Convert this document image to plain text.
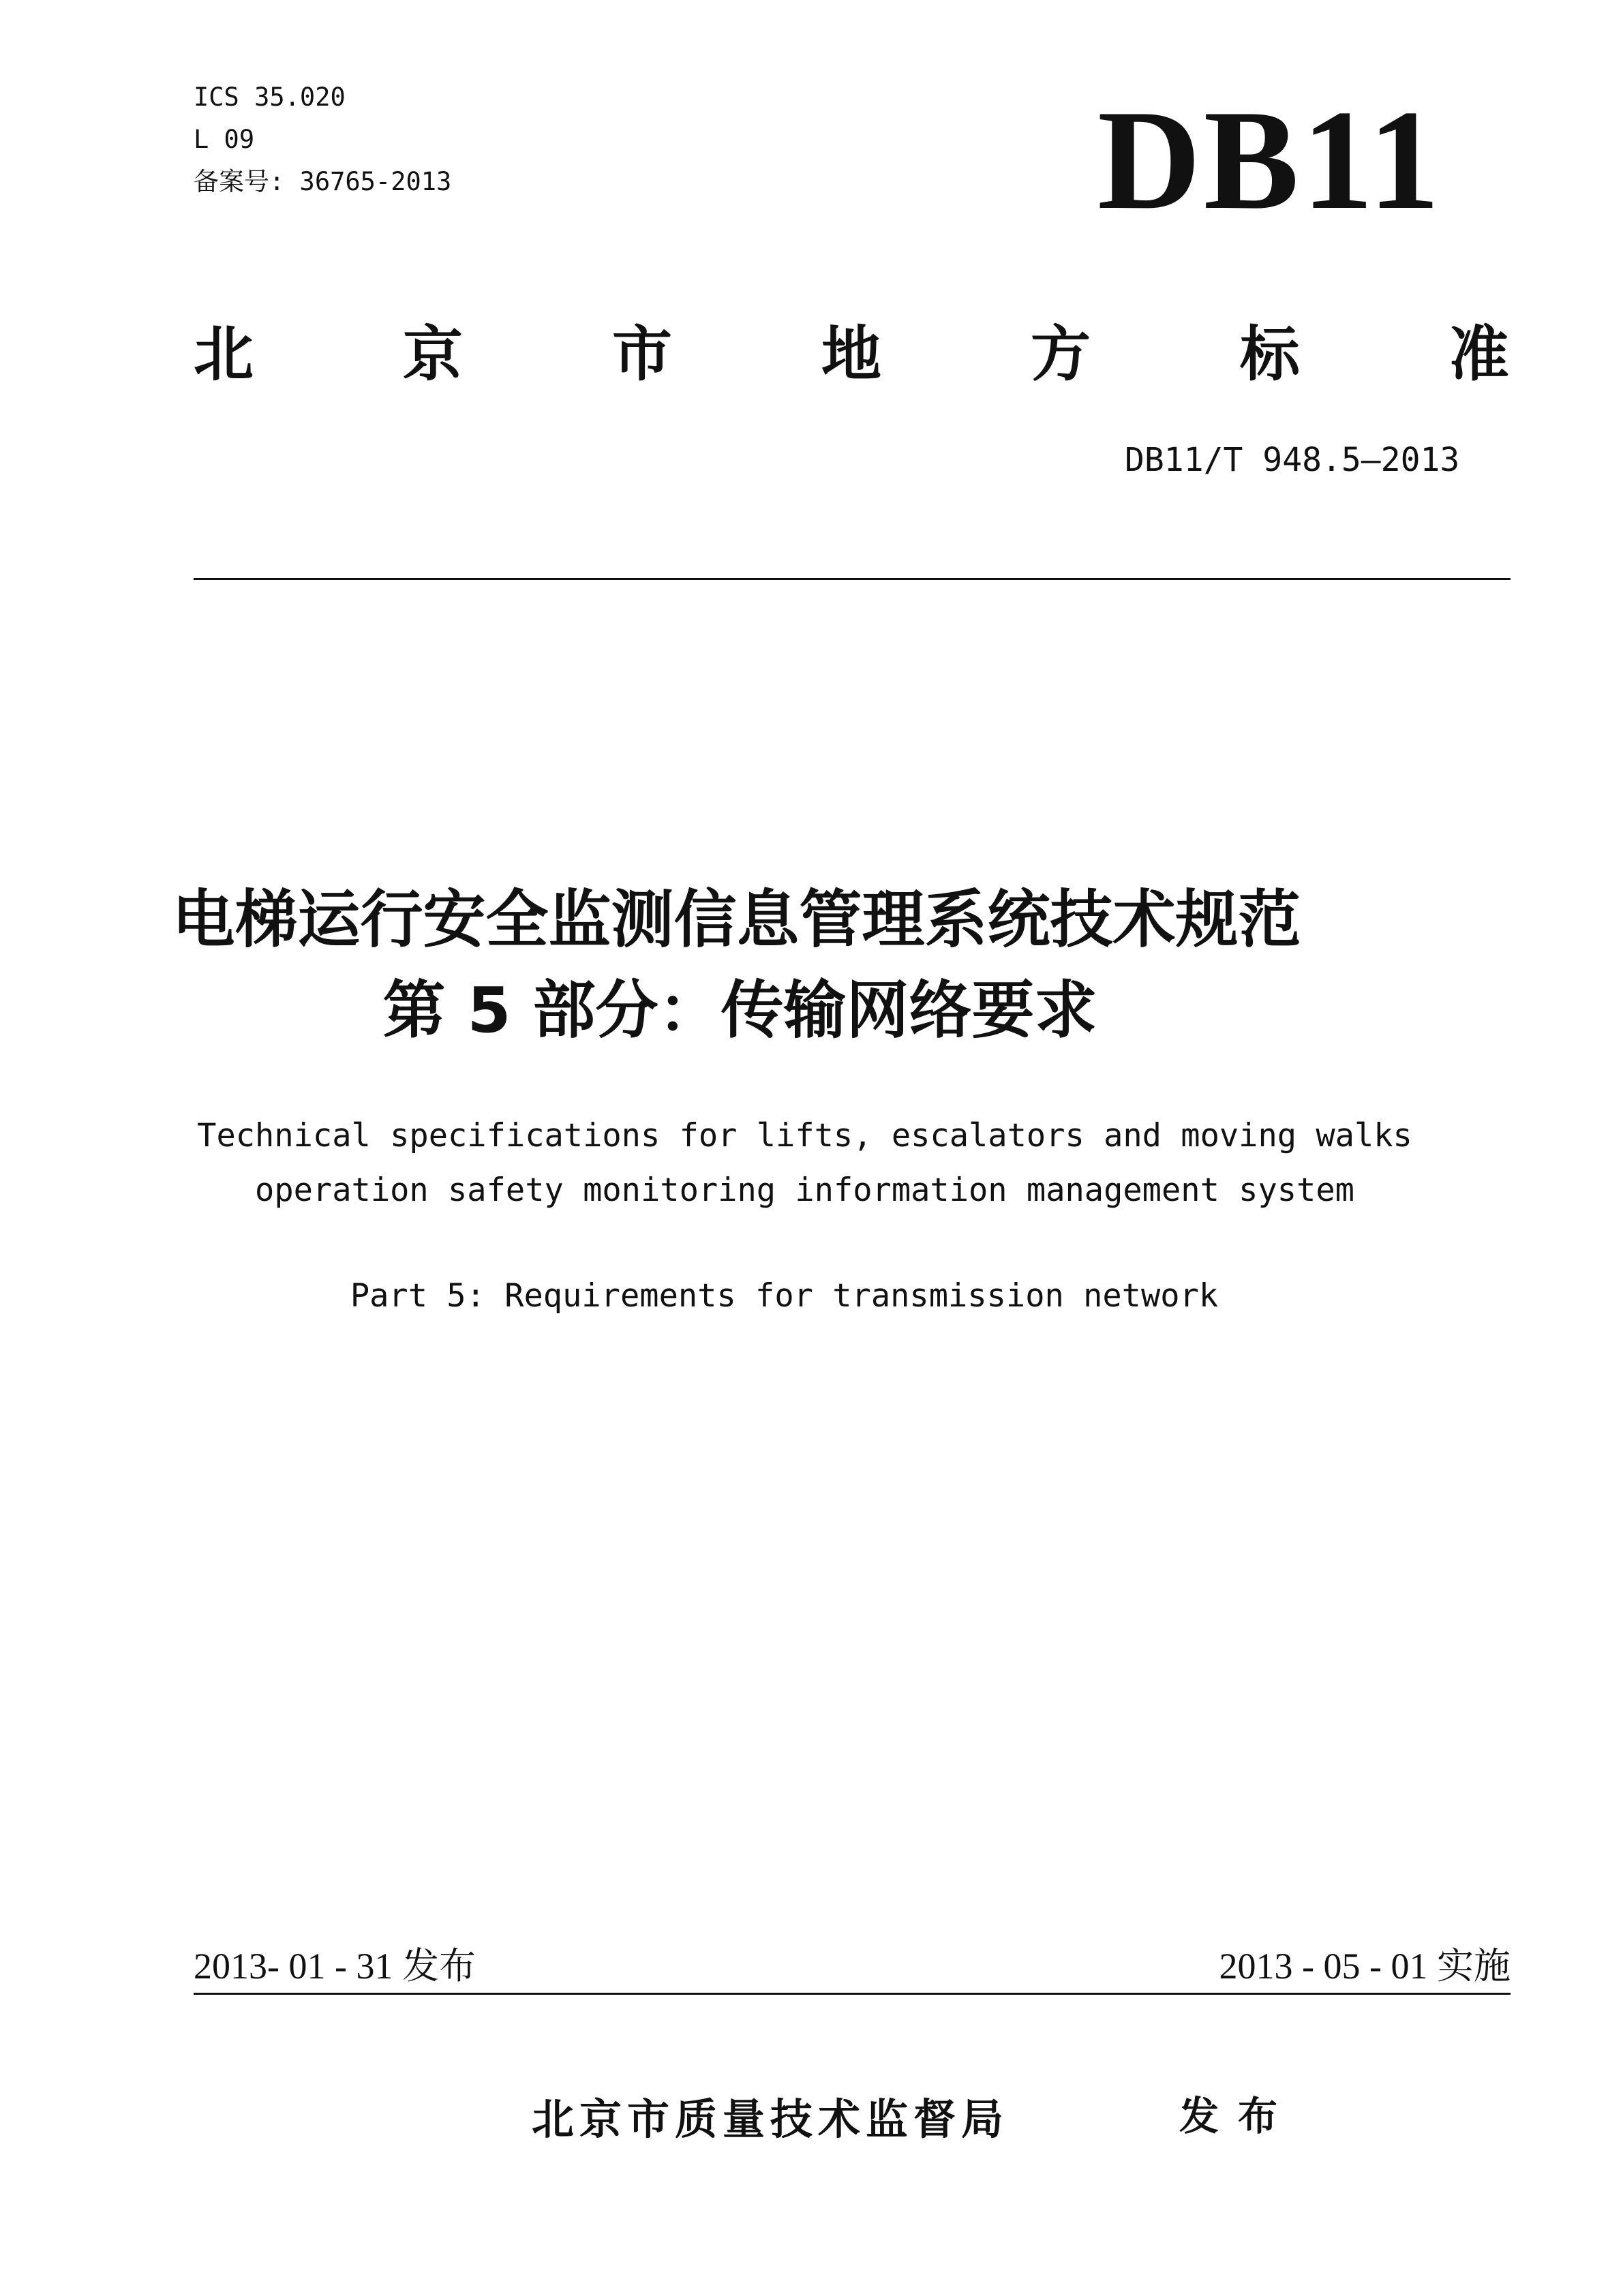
ICS 35.020
L 09
备案号: 36765-2013	DB11
北 京 市 地 方 标 准
DB11/T 948.5—2013
电梯运行安全监测信息管理系统技术规范
第 5 部分：传输网络要求
Technical specifications for lifts, escalators and moving walks
operation safety monitoring information management system
Part 5: Requirements for transmission network
2013- 01 - 31 发布	2013 - 05 - 01 实施
北京市质量技术监督局	发布
